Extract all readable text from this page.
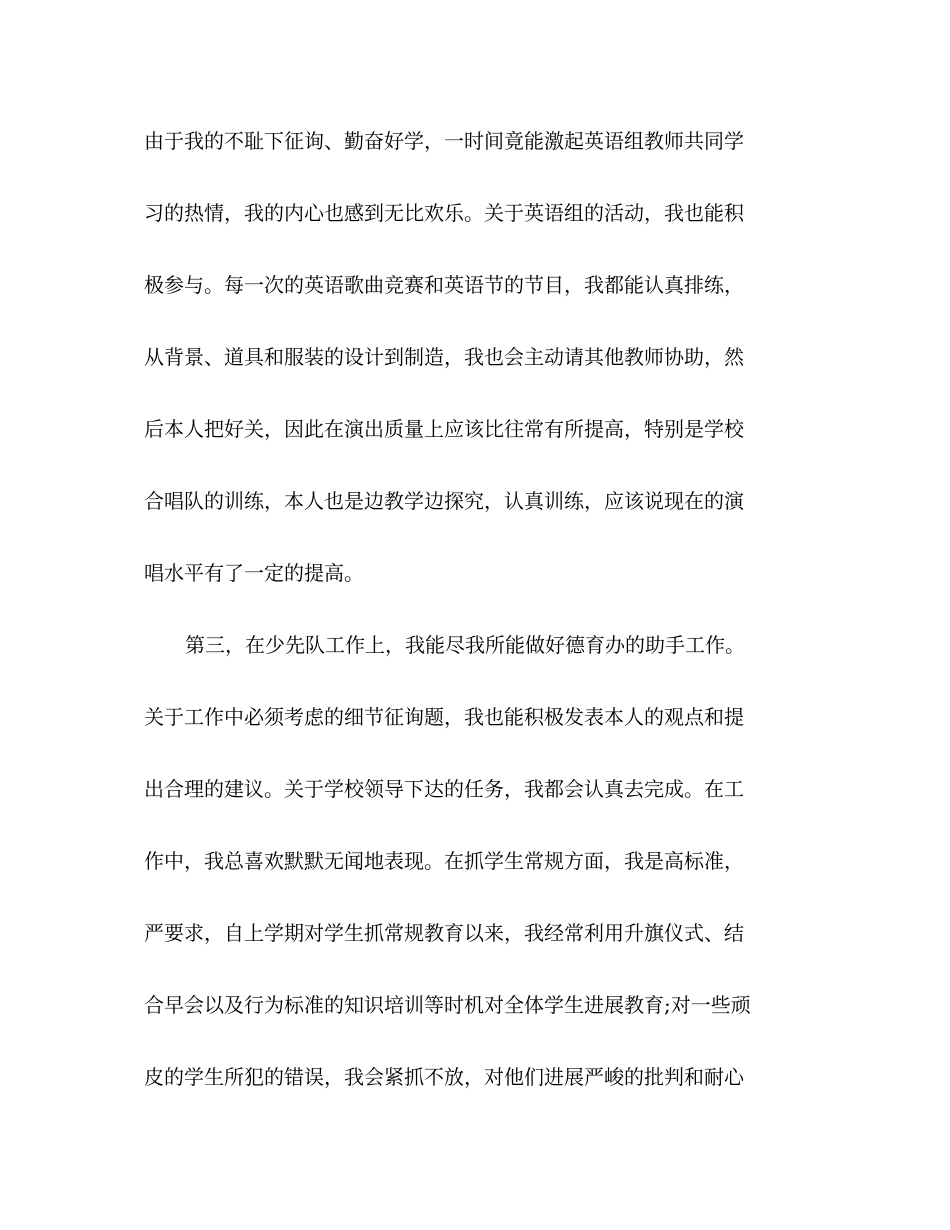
由于我的不耻下征询、勤奋好学，一时间竟能激起英语组教师共同学
习的热情，我的内心也感到无比欢乐。关于英语组的活动，我也能积
极参与。每一次的英语歌曲竞赛和英语节的节目，我都能认真排练，
从背景、道具和服装的设计到制造，我也会主动请其他教师协助，然
后本人把好关，因此在演出质量上应该比往常有所提高，特别是学校
合唱队的训练，本人也是边教学边探究，认真训练，应该说现在的演
唱水平有了一定的提高。
第三，在少先队工作上，我能尽我所能做好德育办的助手工作。
关于工作中必须考虑的细节征询题，我也能积极发表本人的观点和提
出合理的建议。关于学校领导下达的任务，我都会认真去完成。在工
作中，我总喜欢默默无闻地表现。在抓学生常规方面，我是高标准，
严要求，自上学期对学生抓常规教育以来，我经常利用升旗仪式、结
合早会以及行为标准的知识培训等时机对全体学生进展教育;对一些顽
皮的学生所犯的错误，我会紧抓不放，对他们进展严峻的批判和耐心
